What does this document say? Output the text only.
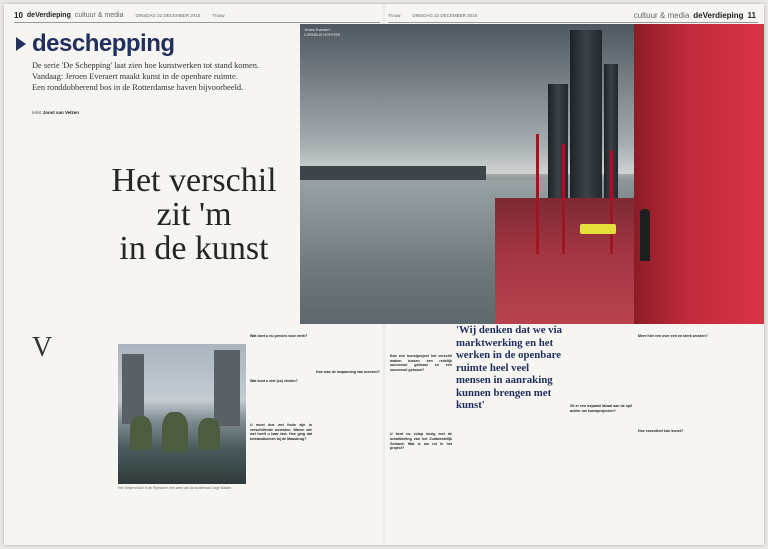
10 deVerdieping cultuur & media	DINSDAG 22 DECEMBER 2015	Trouw	Trouw	DINSDAG 22 DECEMBER 2015	cultuur & media deVerdieping 11
deschepping
De serie 'De Schepping' laat zien hoe kunstwerken tot stand komen.
Vandaag: Jeroen Everaert maakt kunst in de openbare ruimte.
Een ronddobberend bos in de Rotterdamse haven bijvoorbeeld.
tekst Joost van Velzen
Jeroen Everaert
CORNELIS HOFSTEE
Het verschil
zit 'm
in de kunst
V
Het 'Drijvend Bos' in de Rijnhaven, een werk van de kunstenaar Jorge Bakker.

Wat doet u nu precies voor werk?

Wat kunt u niet (zo) vinden?

U moet dus wel thuis zijn in verschillende werelden. Waren wie wel heeft u haar last. Hoe ging dat totstandkomen bij de Maasbrug?

Hoe was de inspanning van mensen?

Kan een kunstproject het verschil maken tussen een redelijk succesvol gebouw en een succesvol gebouw?

U bent nu volop bezig met de ontwikkeling van het Zuidwestelijk Zeeland. Wat is uw rol in het project?

'Wij denken dat we via marktwerking en het werken in de openbare ruimte heel veel mensen in aanraking kunnen brengen met kunst'	Zit er een bepaald ideaal aan de spil achter uw kunstprojecten?

Meer hier een over een en sterk worden?

Hoe essentieel kan kunst?
